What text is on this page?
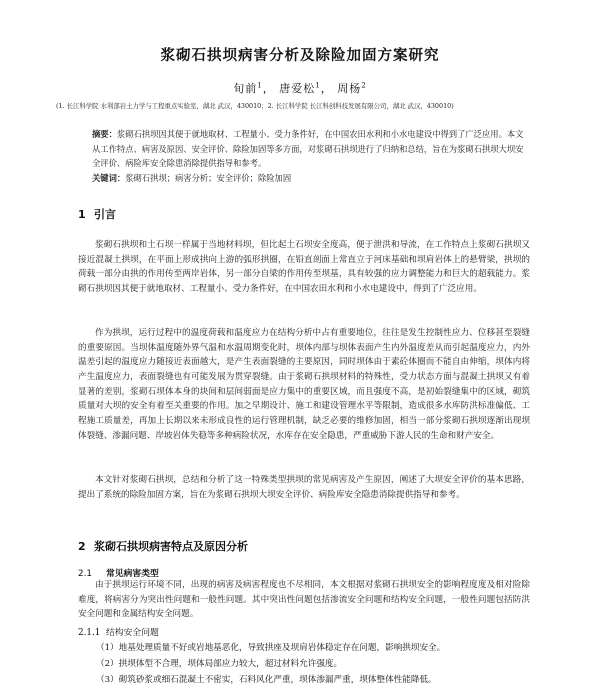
浆砌石拱坝病害分析及除险加固方案研究
旬前$^1$， 唐爱松$^1$， 周杨$^2$
(1. 长江科学院 水利部岩土力学与工程重点实验室，湖北 武汉，430010；2. 长江科学院 长江科创科技发展有限公司，湖北 武汉，430010)
摘要：浆砌石拱坝因其便于就地取材、工程量小、受力条件好，在中国农田水利和小水电建设中得到了广泛应用。本文从工作特点、病害及原因、安全评价、除险加固等多方面，对浆砌石拱坝进行了归纳和总结，旨在为浆砌石拱坝大坝安全评价、病险库安全除患消除提供指导和参考。
关键词：浆砌石拱坝；病害分析；安全评价；除险加固
1 引言

浆砌石拱坝和土石坝一样属于当地材料坝，但比起土石坝安全度高，便于泄洪和导流，在工作特点上浆砌石拱坝又接近混凝土拱坝，在平面上形成拱向上游的弧形拱圈，在铅直剖面上常直立于河床基础和坝肩岩体上的悬臂梁，拱坝的荷载一部分由拱的作用传至两岸岩体，另一部分自梁的作用传至坝基，具有较强的应力调整能力和巨大的超载能力。浆砌石拱坝因其便于就地取材、工程量小、受力条件好，在中国农田水利和小水电建设中，得到了广泛应用。

作为拱坝，运行过程中的温度荷载和温度应力在结构分析中占有重要地位，往往是发生控制性应力、位移甚至裂缝的重要原因。当坝体温度随外界气温和水温周期变化时，坝体内部与坝体表面产生内外温度差从而引起温度应力，内外温差引起的温度应力随接近表面越大，是产生表面裂缝的主要原因，同时坝体由于素砼体圈而不能自由伸缩，坝体内将产生温度应力，表面裂缝也有可能发展为贯穿裂缝。由于浆砌石拱坝材料的特殊性，受力状态方面与混凝土拱坝又有着显著的差别，浆砌石坝体本身的块间和层间弱面是应力集中的重要区域，而且强度不高，是初始裂缝集中的区域，砌筑质量对大坝的安全有着至关重要的作用。加之早期设计、施工和建设管理水平等限制，造成很多水库防洪标准偏低、工程施工质量差，再加上长期以来未形成良性的运行管理机制，缺乏必要的维修加固，相当一部分浆砌石拱坝逐渐出现坝体裂缝、渗漏问题、岸坡岩体失稳等多种病险状况，水库存在安全隐患，严重威胁下游人民的生命和财产安全。

本文针对浆砌石拱坝，总结和分析了这一特殊类型拱坝的常见病害及产生原因，阐述了大坝安全评价的基本思路，提出了系统的除险加固方案，旨在为浆砌石拱坝大坝安全评价、病险库安全隐患消除提供指导和参考。

2 浆砌石拱坝病害特点及原因分析
2.1 常见病害类型

由于拱坝运行环境不同，出现的病害及病害程度也不尽相同，本文根据对浆砌石拱坝安全的影响程度度及相对险除难度，将病害分为突出性问题和一般性问题。其中突出性问题包括渗流安全问题和结构安全问题，一般性问题包括防洪安全问题和金属结构安全问题。

2.1.1 结构安全问题
（1）地基处理质量不好或岩地基恶化，导致拱座及坝肩岩体稳定存在问题，影响拱坝安全。
（2）拱坝体型不合理，坝体局部应力较大，超过材料允许强度。
（3）砌筑砂浆或细石混凝土不密实，石料风化严重，坝体渗漏严重，坝体整体性能降低。
